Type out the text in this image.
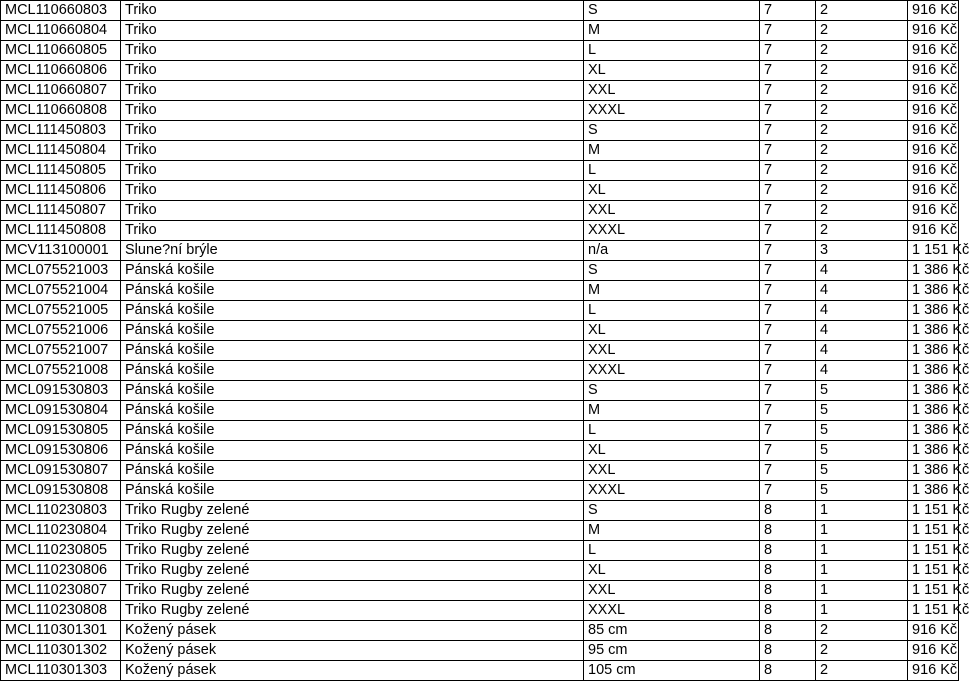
MCL110660803	Triko	S	7	2	916 Kč
MCL110660804	Triko	M	7	2	916 Kč
MCL110660805	Triko	L	7	2	916 Kč
MCL110660806	Triko	XL	7	2	916 Kč
MCL110660807	Triko	XXL	7	2	916 Kč
MCL110660808	Triko	XXXL	7	2	916 Kč
MCL111450803	Triko	S	7	2	916 Kč
MCL111450804	Triko	M	7	2	916 Kč
MCL111450805	Triko	L	7	2	916 Kč
MCL111450806	Triko	XL	7	2	916 Kč
MCL111450807	Triko	XXL	7	2	916 Kč
MCL111450808	Triko	XXXL	7	2	916 Kč
MCV113100001	Slune?ní brýle	n/a	7	3	1 151 Kč
MCL075521003	Pánská košile	S	7	4	1 386 Kč
MCL075521004	Pánská košile	M	7	4	1 386 Kč
MCL075521005	Pánská košile	L	7	4	1 386 Kč
MCL075521006	Pánská košile	XL	7	4	1 386 Kč
MCL075521007	Pánská košile	XXL	7	4	1 386 Kč
MCL075521008	Pánská košile	XXXL	7	4	1 386 Kč
MCL091530803	Pánská košile	S	7	5	1 386 Kč
MCL091530804	Pánská košile	M	7	5	1 386 Kč
MCL091530805	Pánská košile	L	7	5	1 386 Kč
MCL091530806	Pánská košile	XL	7	5	1 386 Kč
MCL091530807	Pánská košile	XXL	7	5	1 386 Kč
MCL091530808	Pánská košile	XXXL	7	5	1 386 Kč
MCL110230803	Triko Rugby zelené	S	8	1	1 151 Kč
MCL110230804	Triko Rugby zelené	M	8	1	1 151 Kč
MCL110230805	Triko Rugby zelené	L	8	1	1 151 Kč
MCL110230806	Triko Rugby zelené	XL	8	1	1 151 Kč
MCL110230807	Triko Rugby zelené	XXL	8	1	1 151 Kč
MCL110230808	Triko Rugby zelené	XXXL	8	1	1 151 Kč
MCL110301301	Kožený pásek	85 cm	8	2	916 Kč
MCL110301302	Kožený pásek	95 cm	8	2	916 Kč
MCL110301303	Kožený pásek	105 cm	8	2	916 Kč
